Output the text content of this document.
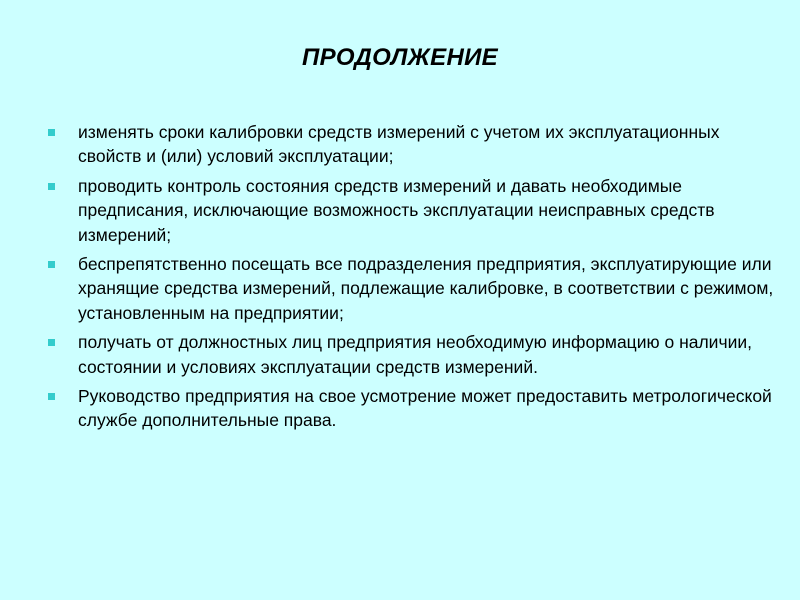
ПРОДОЛЖЕНИЕ
изменять сроки калибровки средств измерений с учетом их эксплуатационных свойств и (или) условий эксплуатации;
проводить контроль состояния средств измерений и давать необходимые предписания, исключающие возможность эксплуатации неисправных средств измерений;
беспрепятственно посещать все подразделения предприятия, эксплуатирующие или хранящие средства измерений, подлежащие калибровке, в соответствии с режимом, установленным на предприятии;
получать от должностных лиц предприятия необходимую информацию о наличии, состоянии и условиях эксплуатации средств измерений.
Руководство предприятия на свое усмотрение может предоставить метрологической службе дополнительные права.
